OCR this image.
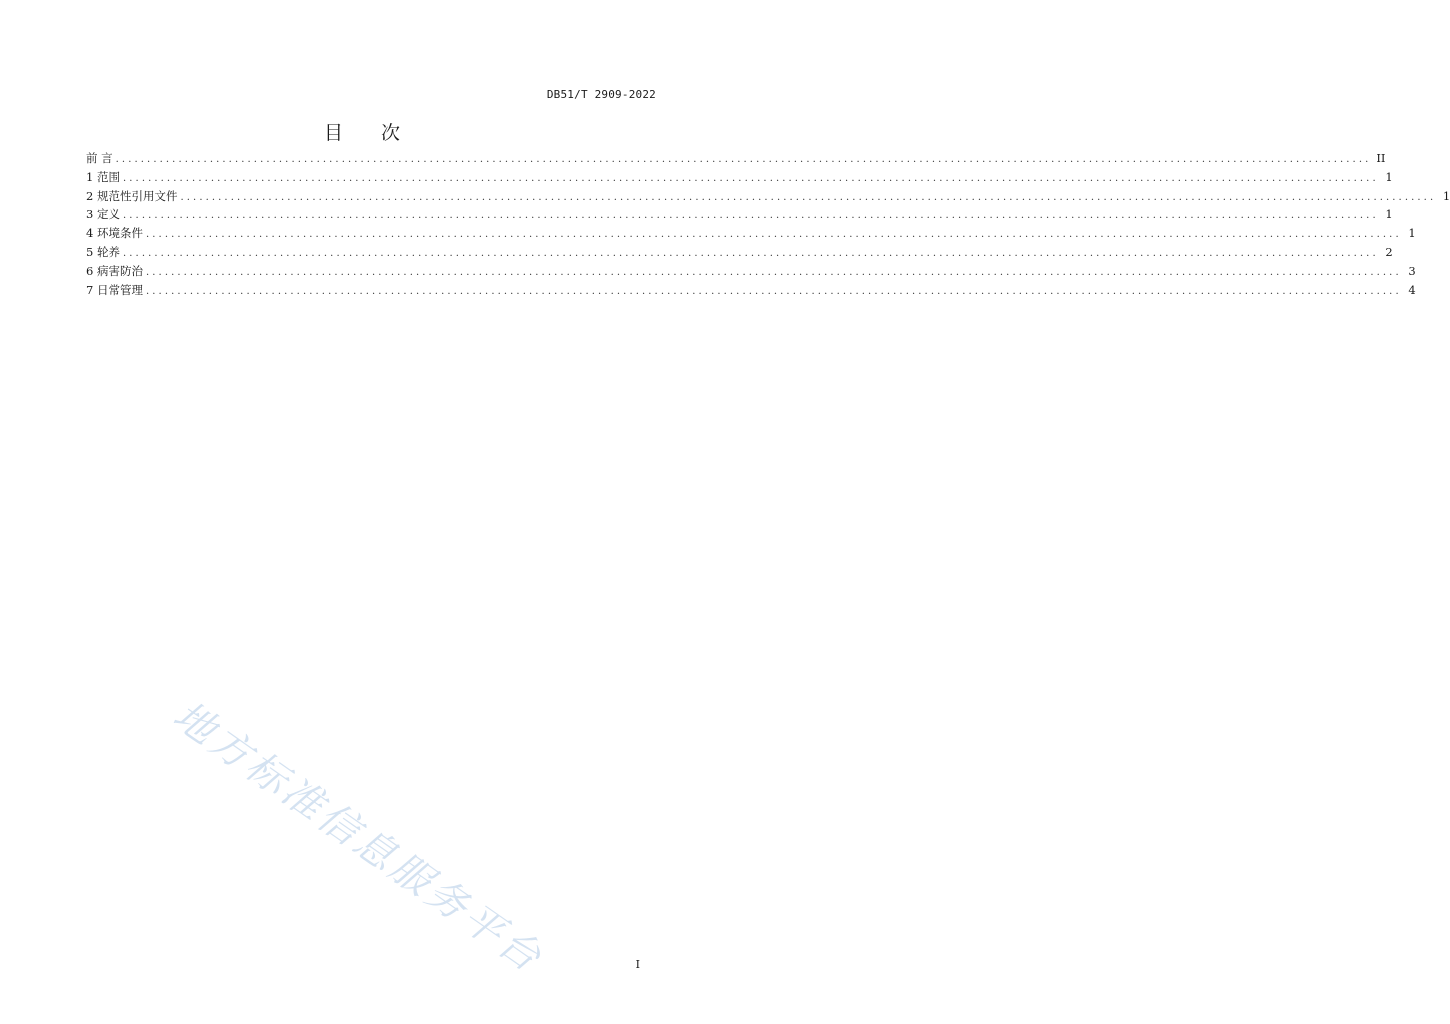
DB51/T 2909-2022
目 次
前 言 ........................................................................................................................................................................................................ II
1 范围 ........................................................................................................................................................................................................ 1
2 规范性引用文件 ........................................................................................................................................................................................................ 1
3 定义 ........................................................................................................................................................................................................ 1
4 环境条件 ........................................................................................................................................................................................................ 1
5 轮养 ........................................................................................................................................................................................................ 2
6 病害防治 ........................................................................................................................................................................................................ 3
7 日常管理 ........................................................................................................................................................................................................ 4
地方标准信息服务平台	I
